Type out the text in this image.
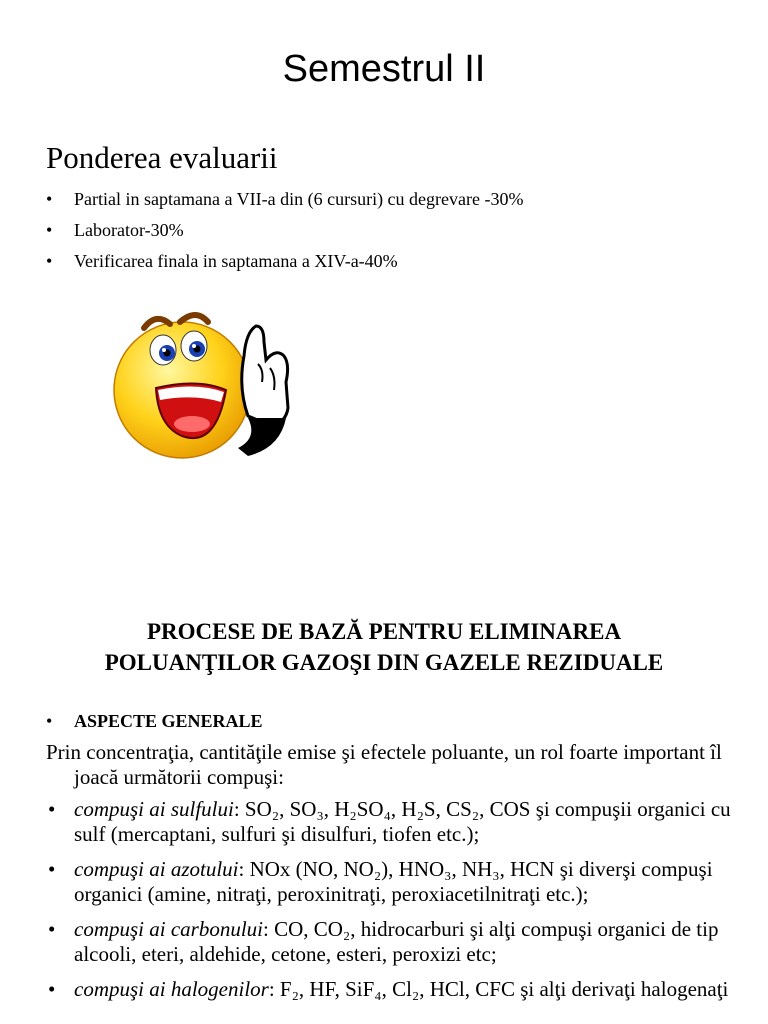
Semestrul II
Ponderea evaluarii
• Partial in saptamana a VII-a din (6 cursuri) cu degrevare -30%
• Laborator-30%
• Verificarea finala in saptamana a XIV-a-40%
PROCESE DE BAZĂ PENTRU ELIMINAREA
POLUANŢILOR GAZOŞI DIN GAZELE REZIDUALE
• ASPECTE GENERALE

Prin concentraţia, cantităţile emise şi efectele poluante, un rol foarte important îl joacă următorii compuşi:

• compuşi ai sulfului: SO₂, SO₃, H₂SO₄, H₂S, CS₂, COS şi compuşii organici cu sulf (mercaptani, sulfuri şi disulfuri, tiofen etc.);
• compuşi ai azotului: NOx (NO, NO₂), HNO₃, NH₃, HCN şi diverşi compuşi organici (amine, nitraţi, peroxinitraţi, peroxiacetilnitraţi etc.);
• compuşi ai carbonului: CO, CO₂, hidrocarburi şi alţi compuşi organici de tip alcooli, eteri, aldehide, cetone, esteri, peroxizi etc;
• compuşi ai halogenilor: F₂, HF, SiF₄, Cl₂, HCl, CFC şi alţi derivaţi halogenaţi
